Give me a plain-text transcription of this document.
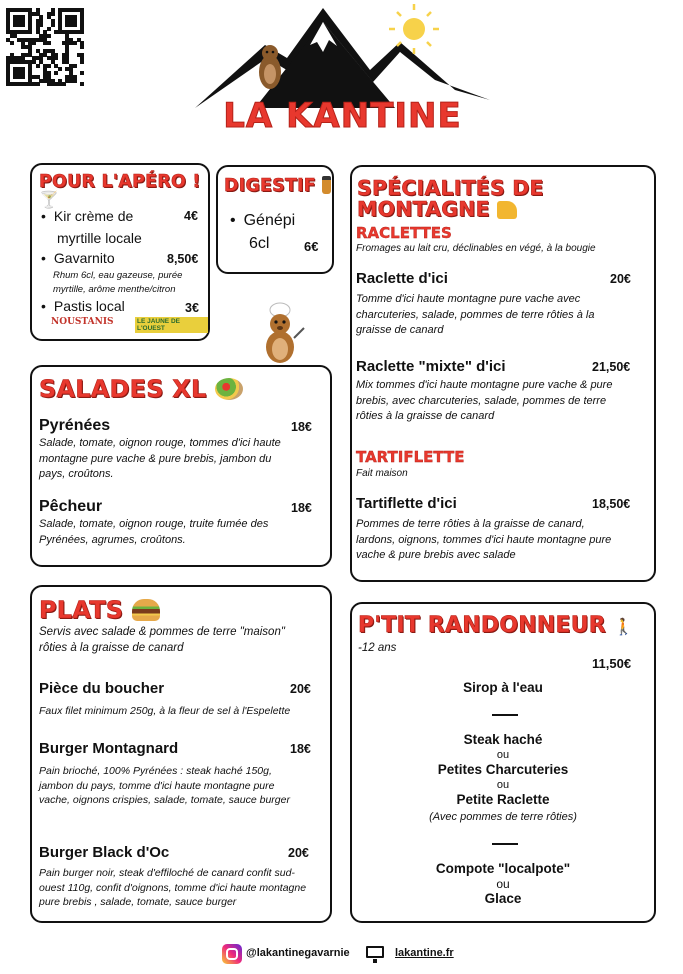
LA KANTINE
POUR L'APÉRO ! 🍸
• Kir crème de
myrtille locale
4€
• Gavarnito	8,50€
Rhum 6cl, eau gazeuse, purée myrtille, arôme menthe/citron
• Pastis local	3€
NOUSTANIS	LE JAUNE DE L'OUEST
DIGESTIF
• Génépi
6cl	6€
SALADES XL
Pyrénées	18€
Salade, tomate, oignon rouge, tommes d'ici haute montagne pure vache & pure brebis, jambon du pays, croûtons.
Pêcheur	18€
Salade, tomate, oignon rouge, truite fumée des Pyrénées, agrumes, croûtons.
PLATS
Servis avec salade & pommes de terre "maison" rôties à la graisse de canard
Pièce du boucher	20€
Faux filet minimum 250g, à la fleur de sel à l'Espelette
Burger Montagnard	18€
Pain brioché, 100% Pyrénées : steak haché 150g, jambon du pays, tomme d'ici haute montagne pure vache, oignons crispies, salade, tomate, sauce burger
Burger Black d'Oc	20€
Pain burger noir, steak d'effiloché de canard confit sud-ouest 110g, confit d'oignons, tomme d'ici haute montagne pure brebis , salade, tomate, sauce burger
SPÉCIALITÉS DE MONTAGNE
RACLETTES
Fromages au lait cru, déclinables en végé, à la bougie
Raclette d'ici	20€
Tomme d'ici haute montagne pure vache avec charcuteries, salade, pommes de terre rôties à la graisse de canard
Raclette "mixte" d'ici	21,50€
Mix tommes d'ici haute montagne pure vache & pure brebis, avec charcuteries, salade, pommes de terre rôties à la graisse de canard
TARTIFLETTE
Fait maison
Tartiflette d'ici	18,50€
Pommes de terre rôties à la graisse de canard, lardons, oignons, tommes d'ici haute montagne pure vache & pure brebis avec salade
P'TIT RANDONNEUR 🚶
-12 ans
11,50€
Sirop à l'eau
Steak haché
ou
Petites Charcuteries
ou
Petite Raclette
(Avec pommes de terre rôties)
Compote "localpote"
ou
Glace
@lakantinegavarnie	lakantine.fr
